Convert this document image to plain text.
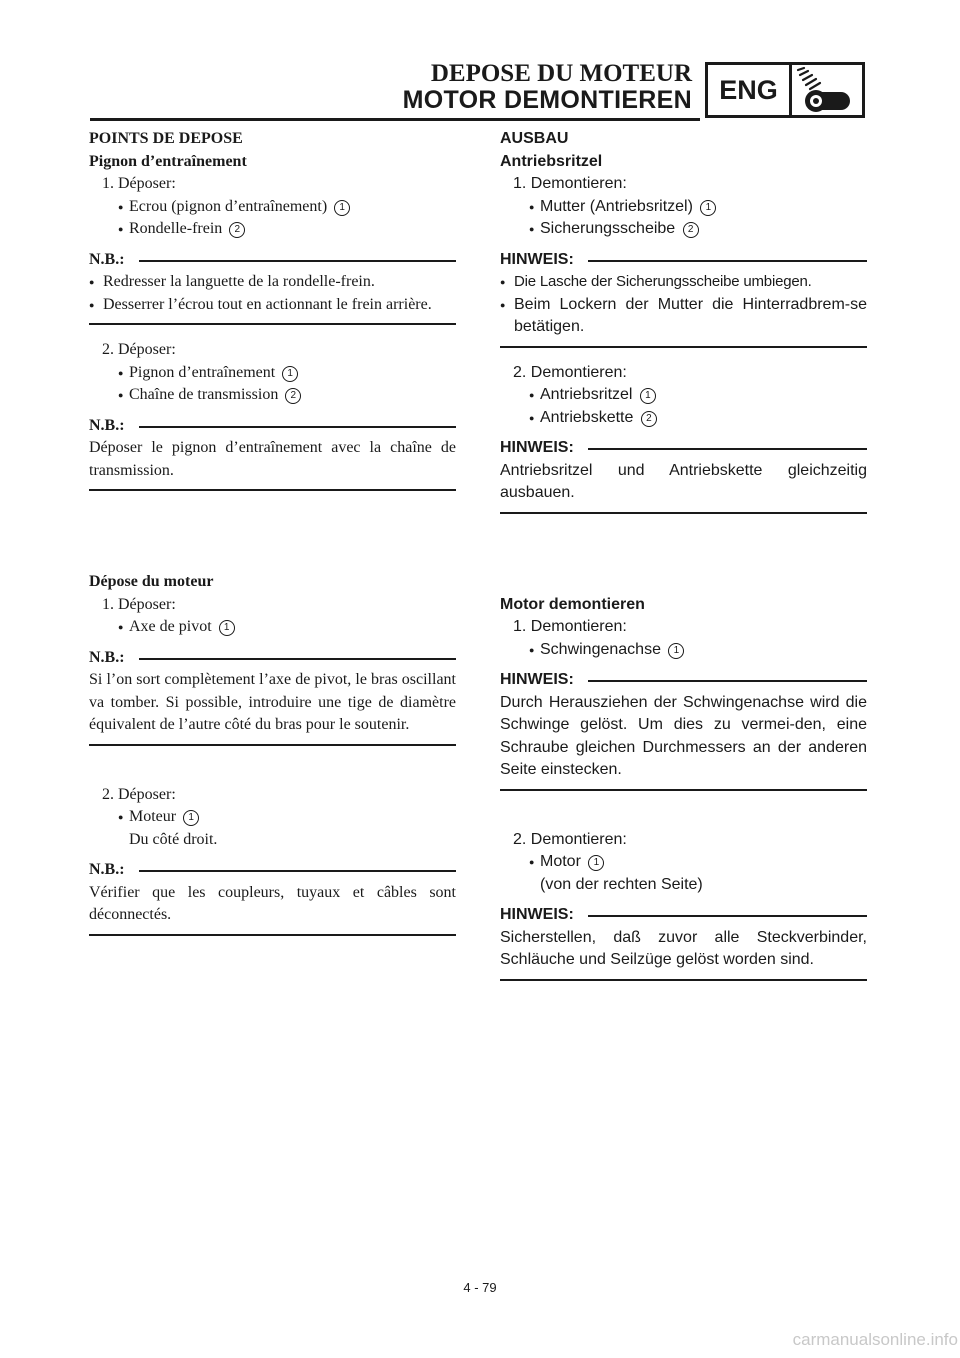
DEPOSE DU MOTEUR
MOTOR DEMONTIEREN	ENG
POINTS DE DEPOSE
Pignon d’entraînement
1. Déposer:
● Ecrou (pignon d’entraînement) 1
● Rondelle-frein 2
N.B.:
● Redresser la languette de la rondelle-frein.
● Desserrer l’écrou tout en actionnant le frein arrière.
2. Déposer:
● Pignon d’entraînement 1
● Chaîne de transmission 2
N.B.:
Déposer le pignon d’entraînement avec la chaîne de transmission.
Dépose du moteur
1. Déposer:
● Axe de pivot 1
N.B.:
Si l’on sort complètement l’axe de pivot, le bras oscillant va tomber. Si possible, introduire une tige de diamètre équivalent de l’autre côté du bras pour le soutenir.
2. Déposer:
● Moteur 1
Du côté droit.
N.B.:
Vérifier que les coupleurs, tuyaux et câbles sont déconnectés.
AUSBAU
Antriebsritzel
1. Demontieren:
● Mutter (Antriebsritzel) 1
● Sicherungsscheibe 2
HINWEIS:
● Die Lasche der Sicherungsscheibe umbiegen.
● Beim Lockern der Mutter die Hinterradbrem-se betätigen.
2. Demontieren:
● Antriebsritzel 1
● Antriebskette 2
HINWEIS:
Antriebsritzel und Antriebskette gleichzeitig ausbauen.
Motor demontieren
1. Demontieren:
● Schwingenachse 1
HINWEIS:
Durch Herausziehen der Schwingenachse wird die Schwinge gelöst. Um dies zu vermei-den, eine Schraube gleichen Durchmessers an der anderen Seite einstecken.
2. Demontieren:
● Motor 1
(von der rechten Seite)
HINWEIS:
Sicherstellen, daß zuvor alle Steckverbinder, Schläuche und Seilzüge gelöst worden sind.
4 - 79
carmanualsonline.info
